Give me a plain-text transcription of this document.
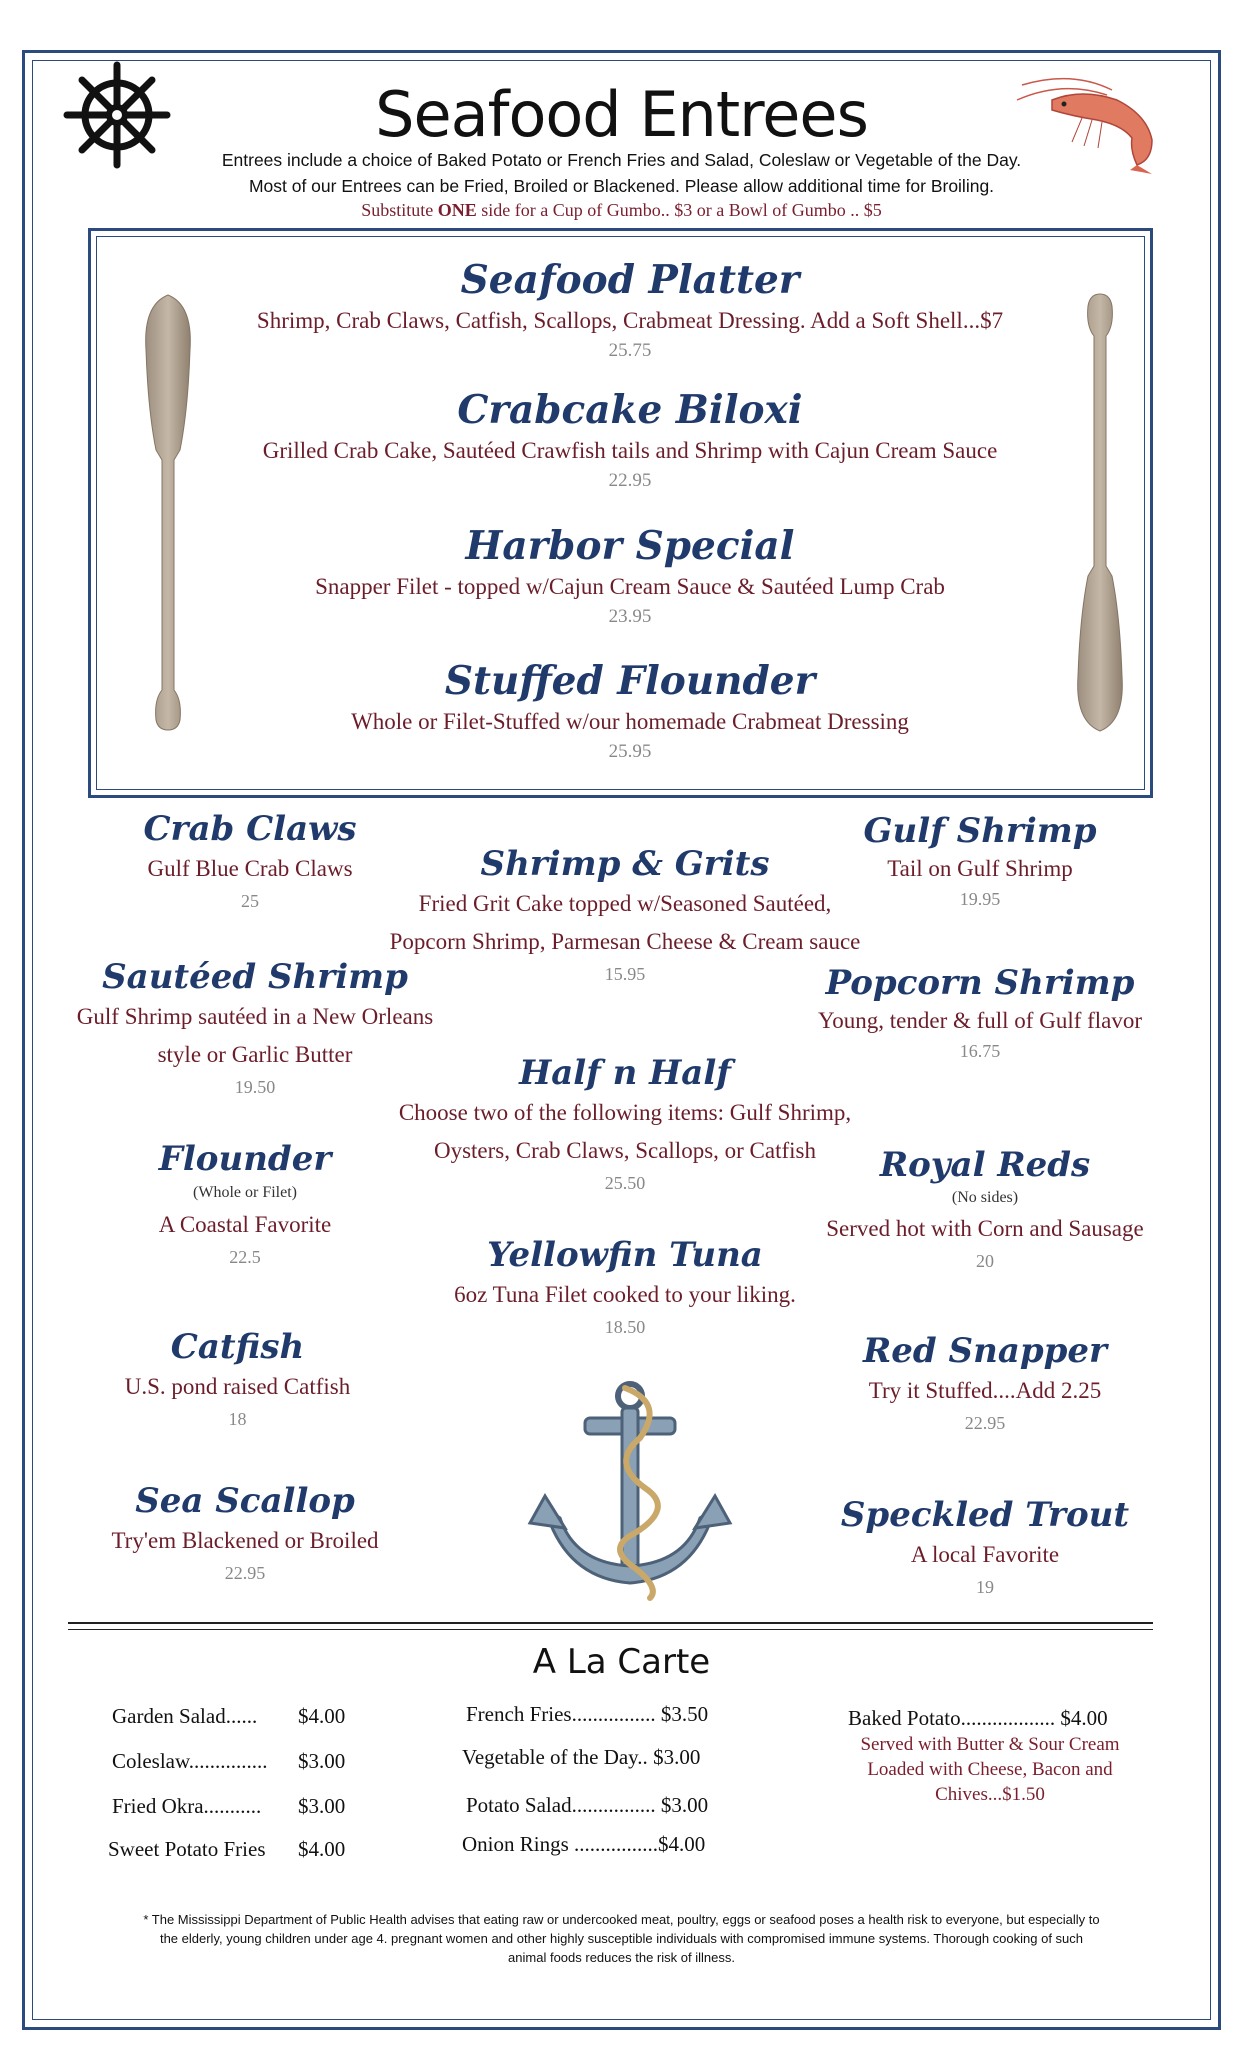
Seafood Entrees
Entrees include a choice of Baked Potato or French Fries and Salad, Coleslaw or Vegetable of the Day.
Most of our Entrees can be Fried, Broiled or Blackened. Please allow additional time for Broiling.
Substitute ONE side for a Cup of Gumbo.. $3 or a Bowl of Gumbo .. $5
Seafood Platter
Shrimp, Crab Claws, Catfish, Scallops, Crabmeat Dressing. Add a Soft Shell...$7
25.75
Crabcake Biloxi
Grilled Crab Cake, Sautéed Crawfish tails and Shrimp with Cajun Cream Sauce
22.95
Harbor Special
Snapper Filet - topped w/Cajun Cream Sauce & Sautéed Lump Crab
23.95
Stuffed Flounder
Whole or Filet-Stuffed w/our homemade Crabmeat Dressing
25.95
Crab Claws
Gulf Blue Crab Claws
25
Sautéed Shrimp
Gulf Shrimp sautéed in a New Orleans
style or Garlic Butter
19.50
Flounder
(Whole or Filet)
A Coastal Favorite
22.5
Catfish
U.S. pond raised Catfish
18
Sea Scallop
Try'em Blackened or Broiled
22.95
Shrimp & Grits
Fried Grit Cake topped w/Seasoned Sautéed,
Popcorn Shrimp, Parmesan Cheese & Cream sauce
15.95
Half n Half
Choose two of the following items: Gulf Shrimp,
Oysters, Crab Claws, Scallops, or Catfish
25.50
Yellowfin Tuna
6oz Tuna Filet cooked to your liking.
18.50
Gulf Shrimp
Tail on Gulf Shrimp
19.95
Popcorn Shrimp
Young, tender & full of Gulf flavor
16.75
Royal Reds
(No sides)
Served hot with Corn and Sausage
20
Red Snapper
Try it Stuffed....Add 2.25
22.95
Speckled Trout
A local Favorite
19
A La Carte
Garden Salad...... $4.00
Coleslaw............... $3.00
Fried Okra........... $3.00
Sweet Potato Fries $4.00
French Fries................ $3.50
Vegetable of the Day.. $3.00
Potato Salad................ $3.00
Onion Rings ................$4.00
Baked Potato.................. $4.00
Served with Butter & Sour Cream
Loaded with Cheese, Bacon and
Chives...$1.50
* The Mississippi Department of Public Health advises that eating raw or undercooked meat, poultry, eggs or seafood poses a health risk to everyone, but especially to
the elderly, young children under age 4. pregnant women and other highly susceptible individuals with compromised immune systems. Thorough cooking of such
animal foods reduces the risk of illness.
